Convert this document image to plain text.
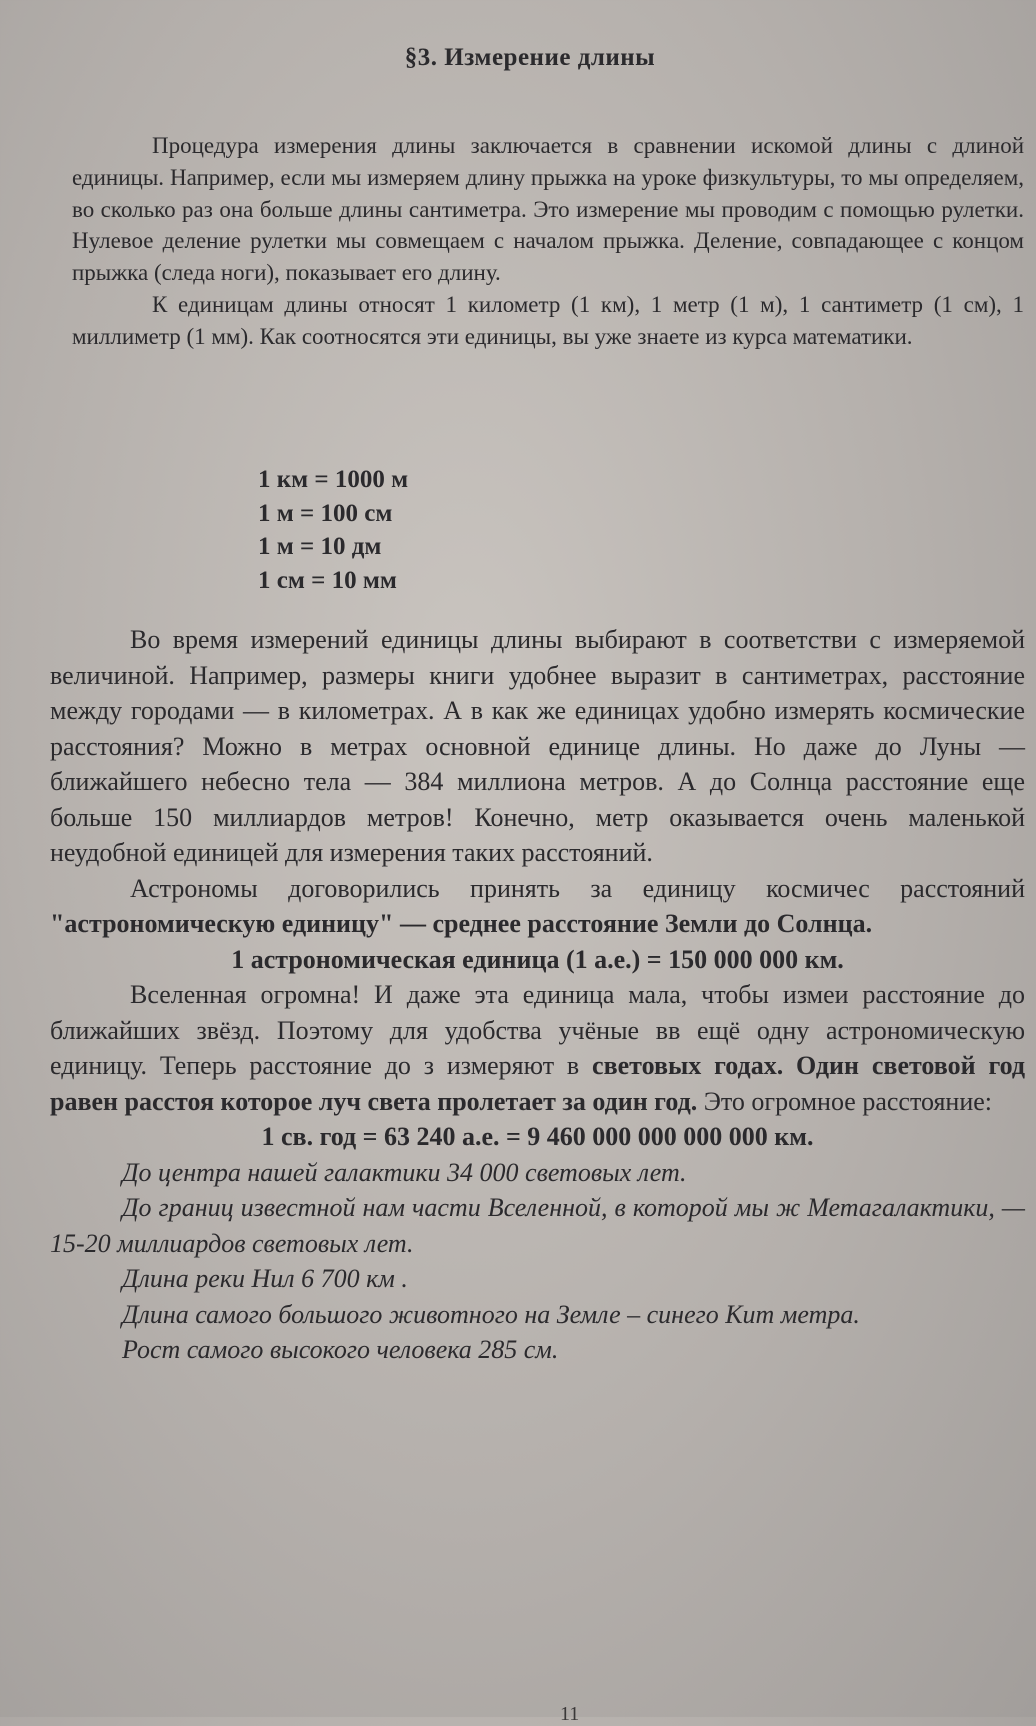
§3. Измерение длины

Процедура измерения длины заключается в сравнении искомой длины с длиной единицы. Например, если мы измеряем длину прыжка на уроке физкультуры, то мы определяем, во сколько раз она больше длины сантиметра. Это измерение мы проводим с помощью рулетки. Нулевое деление рулетки мы совмещаем с началом прыжка. Деление, совпадающее с концом прыжка (следа ноги), показывает его длину.

К единицам длины относят 1 километр (1 км), 1 метр (1 м), 1 сантиметр (1 см), 1 миллиметр (1 мм). Как соотносятся эти единицы, вы уже знаете из курса математики.

1 км = 1000 м
1 м = 100 см
1 м = 10 дм
1 см = 10 мм

Во время измерений единицы длины выбирают в соответстви с измеряемой величиной. Например, размеры книги удобнее выразит в сантиметрах, расстояние между городами — в километрах. А в как же единицах удобно измерять космические расстояния? Можно в метрах основной единице длины. Но даже до Луны — ближайшего небесно тела — 384 миллиона метров. А до Солнца расстояние еще больше 150 миллиардов метров! Конечно, метр оказывается очень маленькой неудобной единицей для измерения таких расстояний.

Астрономы договорились принять за единицу космичес расстояний "астрономическую единицу" — среднее расстояние Земли до Солнца.

1 астрономическая единица (1 а.е.) = 150 000 000 км.

Вселенная огромна! И даже эта единица мала, чтобы измеи расстояние до ближайших звёзд. Поэтому для удобства учёные вв ещё одну астрономическую единицу. Теперь расстояние до з измеряют в световых годах. Один световой год равен расстоя которое луч света пролетает за один год. Это огромное расстояние:

1 св. год = 63 240 а.е. = 9 460 000 000 000 000 км.

До центра нашей галактики 34 000 световых лет.

До границ известной нам части Вселенной, в которой мы ж Метагалактики, — 15-20 миллиардов световых лет.

Длина реки Нил 6 700 км .

Длина самого большого животного на Земле – синего Кит метра.

Рост самого высокого человека 285 см.

11
